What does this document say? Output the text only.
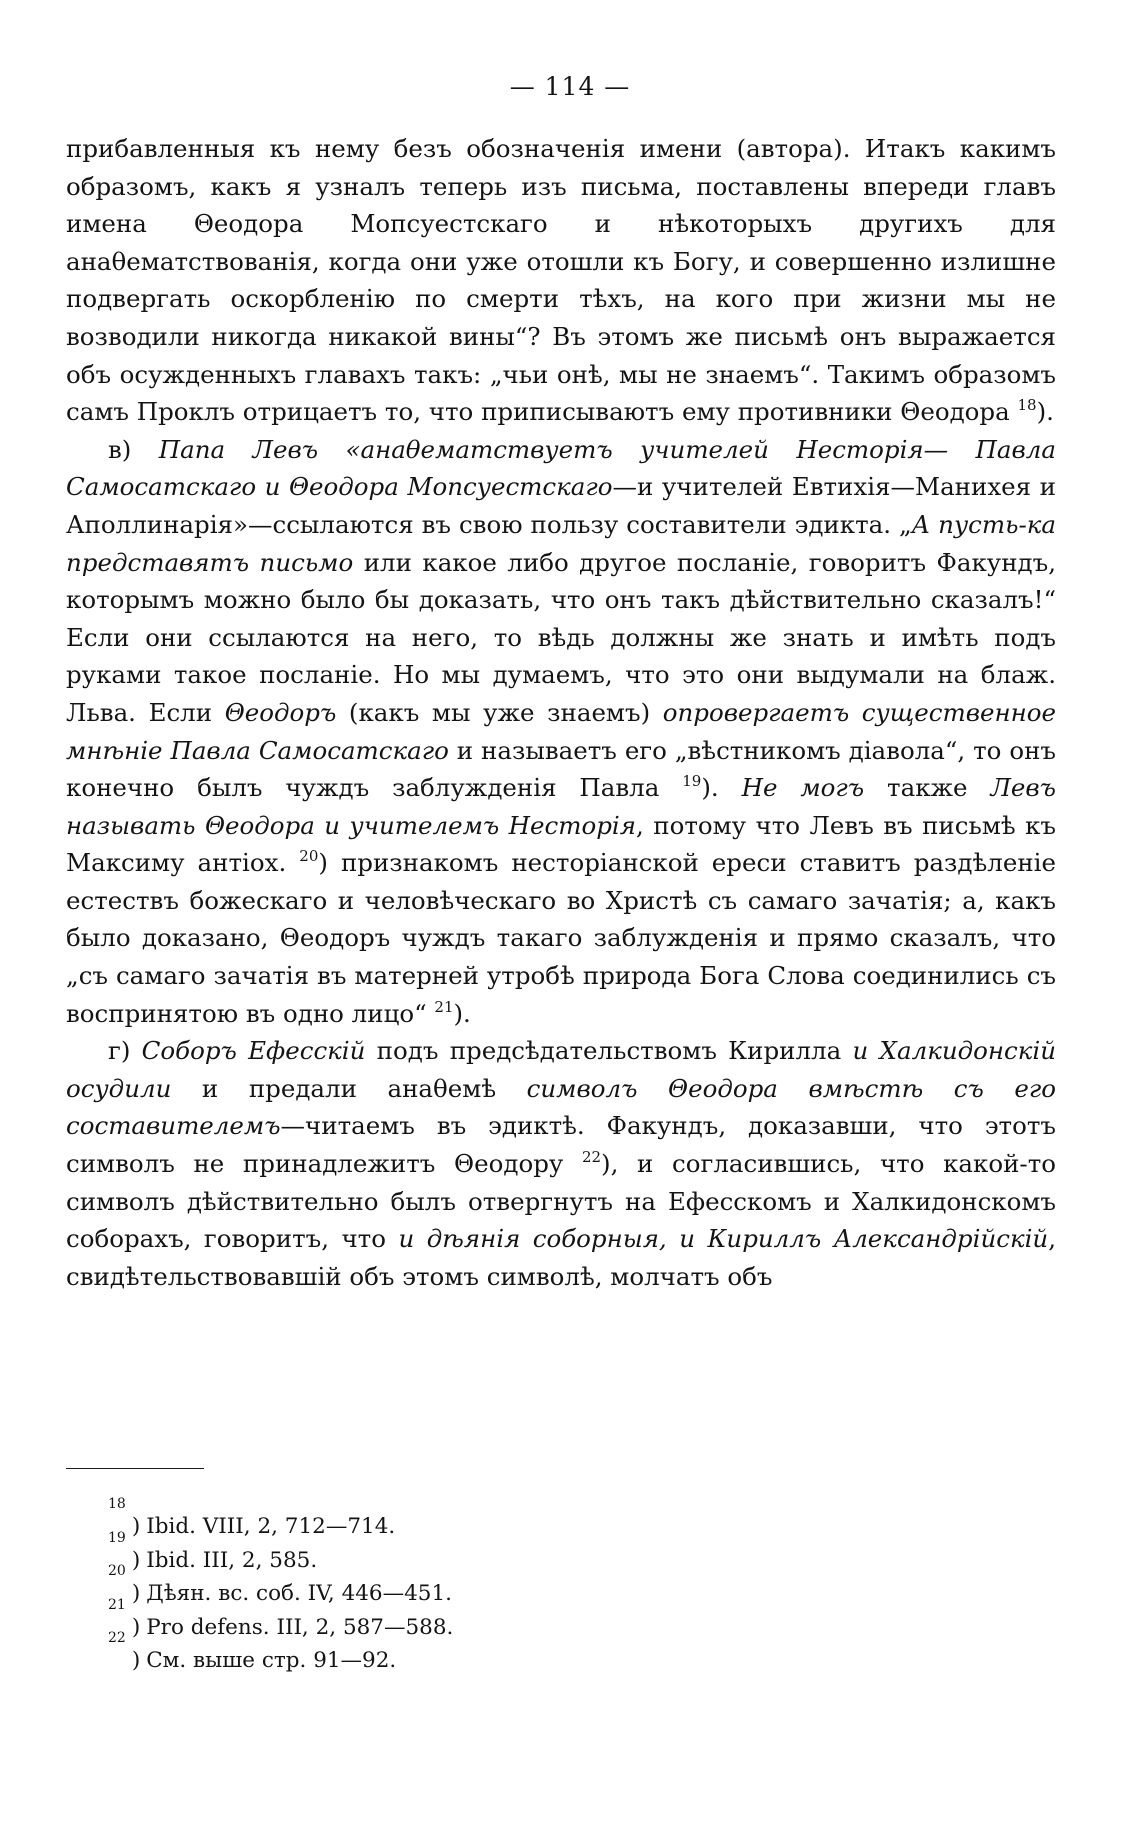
— 114 —

прибавленныя къ нему безъ обозначенія имени (автора). Итакъ какимъ образомъ, какъ я узналъ теперь изъ письма, поставлены впереди главъ имена Θеодора Мопсуестскаго и нѣкоторыхъ другихъ для анаθематствованія, когда они уже отошли къ Богу, и совершенно излишне подвергать оскорбленію по смерти тѣхъ, на кого при жизни мы не возводили никогда никакой вины“? Въ этомъ же письмѣ онъ выражается объ осужденныхъ главахъ такъ: „чьи онѣ, мы не знаемъ“. Такимъ образомъ самъ Проклъ отрицаетъ то, что приписываютъ ему противники Θеодора $^{18}$).

в) Папа Левъ «анаθематствуетъ учителей Несторія— Павла Самосатскаго и Θеодора Мопсуестскаго—и учителей Евтихія—Манихея и Аполлинарія»—ссылаются въ свою пользу составители эдикта. „А пусть-ка представятъ письмо или какое либо другое посланіе, говоритъ Факундъ, которымъ можно было бы доказать, что онъ такъ дѣйствительно сказалъ!“ Если они ссылаются на него, то вѣдь должны же знать и имѣть подъ руками такое посланіе. Но мы думаемъ, что это они выдумали на блаж. Льва. Если Θеодоръ (какъ мы уже знаемъ) опровергаетъ существенное мнѣніе Павла Самосатскаго и называетъ его „вѣстникомъ діавола“, то онъ конечно былъ чуждъ заблужденія Павла $^{19}$). Не могъ также Левъ называть Θеодора и учителемъ Несторія, потому что Левъ въ письмѣ къ Максиму антіох. $^{20}$) признакомъ несторіанской ереси ставитъ раздѣленіе естествъ божескаго и человѣческаго во Христѣ съ самаго зачатія; а, какъ было доказано, Θеодоръ чуждъ такаго заблужденія и прямо сказалъ, что „съ самаго зачатія въ матерней утробѣ природа Бога Слова соединились съ воспринятою въ одно лицо“ $^{21}$).

г) Соборъ Ефесскій подъ предсѣдательствомъ Кирилла и Халкидонскій осудили и предали анаθемѣ символъ Θеодора вмѣстѣ съ его составителемъ—читаемъ въ эдиктѣ. Факундъ, доказавши, что этотъ символъ не принадлежитъ Θеодору $^{22}$), и согласившись, что какой-то символъ дѣйствительно былъ отвергнутъ на Ефесскомъ и Халкидонскомъ соборахъ, говоритъ, что и дѣянія соборныя, и Кириллъ Александрійскій, свидѣтельствовавшій объ этомъ символѣ, молчатъ объ

18
) Ibid. VIII, 2, 712—714.
19
) Ibid. III, 2, 585.
20
) Дѣян. вс. соб. IV, 446—451.
21
) Pro defens. III, 2, 587—588.
22
) См. выше стр. 91—92.
